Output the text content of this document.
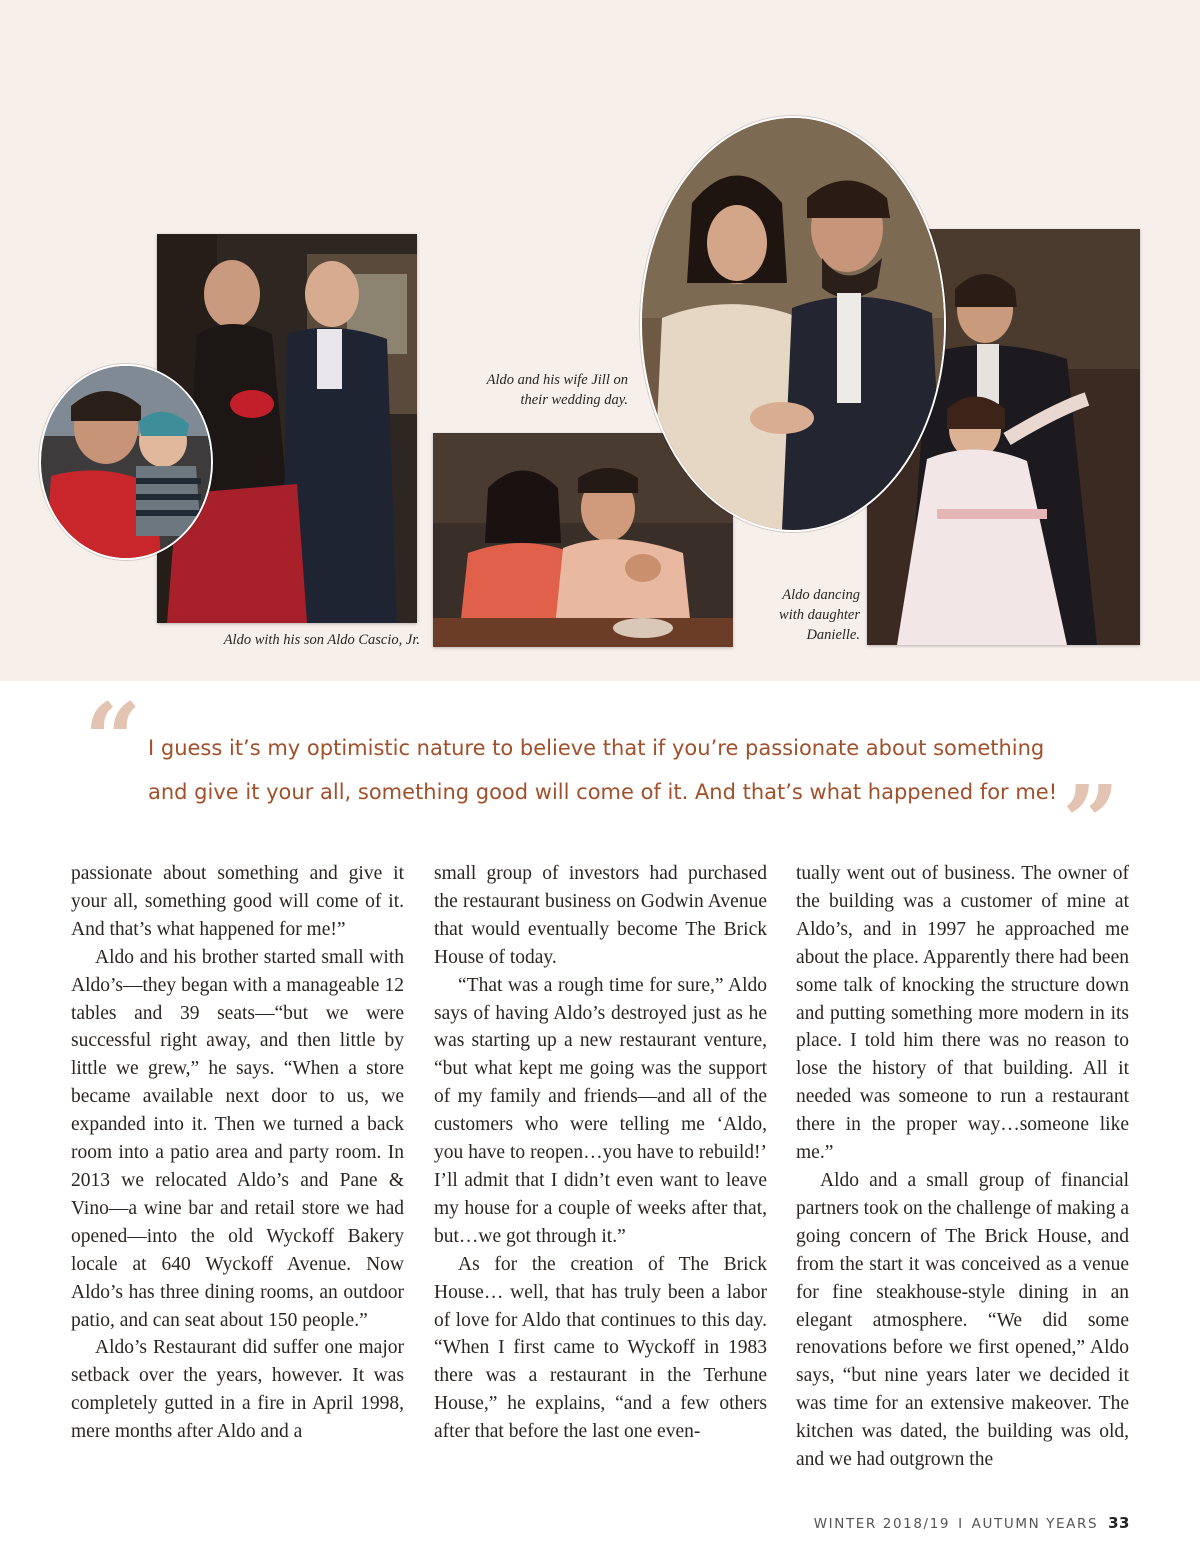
Aldo with his son Aldo Cascio, Jr.
Aldo and his wife Jill on
their wedding day.
Aldo dancing
with daughter
Danielle.
“ I guess it’s my optimistic nature to believe that if you’re passionate about something
and give it your all, something good will come of it. And that’s what happened for me! ”

passionate about something and give it your all, something good will come of it. And that’s what happened for me!”

Aldo and his brother started small with Aldo’s—they began with a manageable 12 tables and 39 seats—“but we were successful right away, and then little by little we grew,” he says. “When a store became available next door to us, we expanded into it. Then we turned a back room into a patio area and party room. In 2013 we relocated Aldo’s and Pane & Vino—a wine bar and retail store we had opened—into the old Wyckoff Bakery locale at 640 Wyckoff Avenue. Now Aldo’s has three dining rooms, an outdoor patio, and can seat about 150 people.”

Aldo’s Restaurant did suffer one major setback over the years, however. It was completely gutted in a fire in April 1998, mere months after Aldo and a

small group of investors had purchased the restaurant business on Godwin Avenue that would eventually become The Brick House of today.

“That was a rough time for sure,” Aldo says of having Aldo’s destroyed just as he was starting up a new restaurant venture, “but what kept me going was the support of my family and friends—and all of the customers who were telling me ‘Aldo, you have to reopen…you have to rebuild!’ I’ll admit that I didn’t even want to leave my house for a couple of weeks after that, but…we got through it.”

As for the creation of The Brick House… well, that has truly been a labor of love for Aldo that continues to this day. “When I first came to Wyckoff in 1983 there was a restaurant in the Terhune House,” he explains, “and a few others after that before the last one even-

tually went out of business. The owner of the building was a customer of mine at Aldo’s, and in 1997 he approached me about the place. Apparently there had been some talk of knocking the structure down and putting something more modern in its place. I told him there was no reason to lose the history of that building. All it needed was someone to run a restaurant there in the proper way…someone like me.”

Aldo and a small group of financial partners took on the challenge of making a going concern of The Brick House, and from the start it was conceived as a venue for fine steakhouse-style dining in an elegant atmosphere. “We did some renovations before we first opened,” Aldo says, “but nine years later we decided it was time for an extensive makeover. The kitchen was dated, the building was old, and we had outgrown the

WINTER 2018/19 I AUTUMN YEARS 33
